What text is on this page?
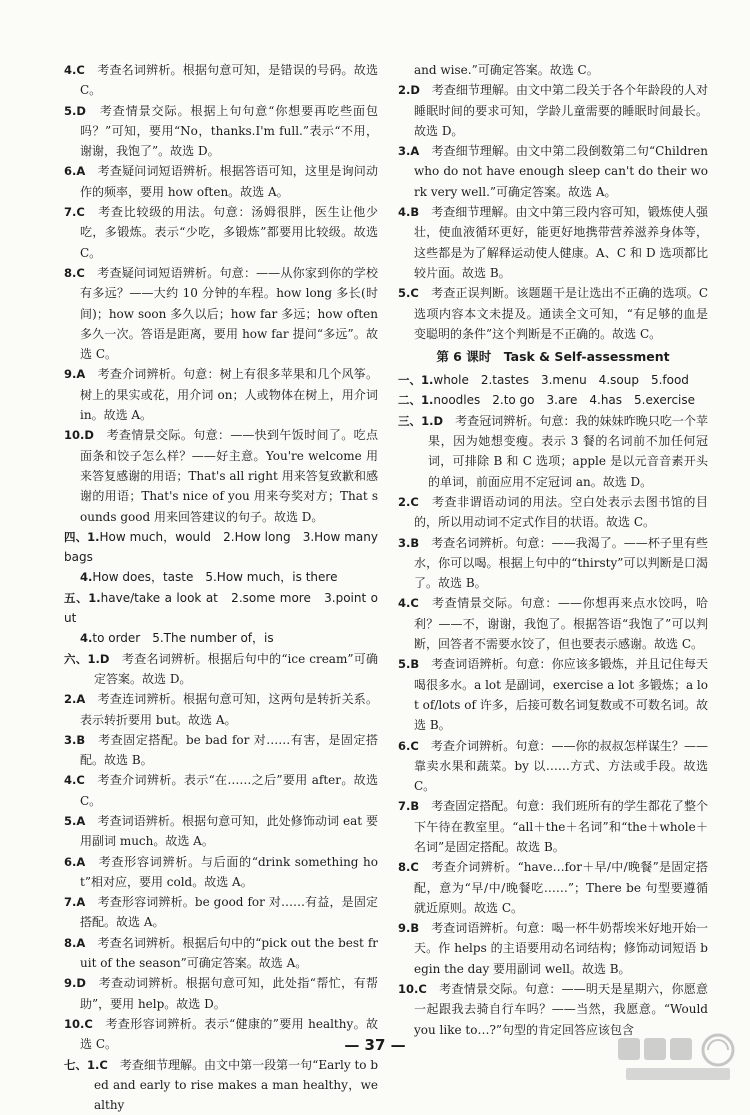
4.C　考查名词辨析。根据句意可知，是错误的号码。故选 C。
5.D　考查情景交际。根据上句句意“你想要再吃些面包吗？”可知，要用“No，thanks.I'm full.”表示“不用，谢谢，我饱了”。故选 D。
6.A　考查疑问词短语辨析。根据答语可知，这里是询问动作的频率，要用 how often。故选 A。
7.C　考查比较级的用法。句意：汤姆很胖，医生让他少吃，多锻炼。表示“少吃，多锻炼”都要用比较级。故选 C。
8.C　考查疑问词短语辨析。句意：——从你家到你的学校有多远？——大约 10 分钟的车程。how long 多长(时间)；how soon 多久以后；how far 多远；how often 多久一次。答语是距离，要用 how far 提问“多远”。故选 C。
9.A　考查介词辨析。句意：树上有很多苹果和几个风筝。树上的果实或花，用介词 on；人或物体在树上，用介词 in。故选 A。
10.D　考查情景交际。句意：——快到午饭时间了。吃点面条和饺子怎么样？——好主意。You're welcome 用来答复感谢的用语；That's all right 用来答复致歉和感谢的用语；That's nice of you 用来夸奖对方；That sounds good 用来回答建议的句子。故选 D。
四、1.How much，would　2.How long　3.How many bags
4.How does，taste　5.How much，is there
五、1.have/take a look at　2.some more　3.point out
4.to order　5.The number of，is
六、1.D　考查名词辨析。根据后句中的“ice cream”可确定答案。故选 D。
2.A　考查连词辨析。根据句意可知，这两句是转折关系。表示转折要用 but。故选 A。
3.B　考查固定搭配。be bad for 对……有害，是固定搭配。故选 B。
4.C　考查介词辨析。表示“在……之后”要用 after。故选 C。
5.A　考查词语辨析。根据句意可知，此处修饰动词 eat 要用副词 much。故选 A。
6.A　考查形容词辨析。与后面的“drink something hot”相对应，要用 cold。故选 A。
7.A　考查形容词辨析。be good for 对……有益，是固定搭配。故选 A。
8.A　考查名词辨析。根据后句中的“pick out the best fruit of the season”可确定答案。故选 A。
9.D　考查动词辨析。根据句意可知，此处指“帮忙，有帮助”，要用 help。故选 D。
10.C　考查形容词辨析。表示“健康的”要用 healthy。故选 C。
七、1.C　考查细节理解。由文中第一段第一句“Early to bed and early to rise makes a man healthy，wealthy
and wise.”可确定答案。故选 C。
2.D　考查细节理解。由文中第二段关于各个年龄段的人对睡眠时间的要求可知，学龄儿童需要的睡眠时间最长。故选 D。
3.A　考查细节理解。由文中第二段倒数第二句“Children who do not have enough sleep can't do their work very well.”可确定答案。故选 A。
4.B　考查细节理解。由文中第三段内容可知，锻炼使人强壮，使血液循环更好，能更好地携带营养滋养身体等，这些都是为了解释运动使人健康。A、C 和 D 选项都比较片面。故选 B。
5.C　考查正误判断。该题题干是让选出不正确的选项。C 选项内容本文未提及。通读全文可知，“有足够的血是变聪明的条件”这个判断是不正确的。故选 C。
第 6 课时　Task & Self-assessment
一、1.whole　2.tastes　3.menu　4.soup　5.food
二、1.noodles　2.to go　3.are　4.has　5.exercise
三、1.D　考查冠词辨析。句意：我的妹妹昨晚只吃一个苹果，因为她想变瘦。表示 3 餐的名词前不加任何冠词，可排除 B 和 C 选项；apple 是以元音音素开头的单词，前面应用不定冠词 an。故选 D。
2.C　考查非谓语动词的用法。空白处表示去图书馆的目的，所以用动词不定式作目的状语。故选 C。
3.B　考查名词辨析。句意：——我渴了。——杯子里有些水，你可以喝。根据上句中的“thirsty”可以判断是口渴了。故选 B。
4.C　考查情景交际。句意：——你想再来点水饺吗，哈利？——不，谢谢，我饱了。根据答语“我饱了”可以判断，回答者不需要水饺了，但也要表示感谢。故选 C。
5.B　考查词语辨析。句意：你应该多锻炼，并且记住每天喝很多水。a lot 是副词，exercise a lot 多锻炼；a lot of/lots of 许多，后接可数名词复数或不可数名词。故选 B。
6.C　考查介词辨析。句意：——你的叔叔怎样谋生？——靠卖水果和蔬菜。by 以……方式、方法或手段。故选 C。
7.B　考查固定搭配。句意：我们班所有的学生都花了整个下午待在教室里。“all＋the＋名词”和“the＋whole＋名词”是固定搭配。故选 B。
8.C　考查介词辨析。“have…for＋早/中/晚餐”是固定搭配，意为“早/中/晚餐吃……”；There be 句型要遵循就近原则。故选 C。
9.B　考查词语辨析。句意：喝一杯牛奶帮埃米好地开始一天。作 helps 的主语要用动名词结构；修饰动词短语 begin the day 要用副词 well。故选 B。
10.C　考查情景交际。句意：——明天是星期六，你愿意一起跟我去骑自行车吗？——当然，我愿意。“Would you like to…?”句型的肯定回答应该包含
— 37 —
